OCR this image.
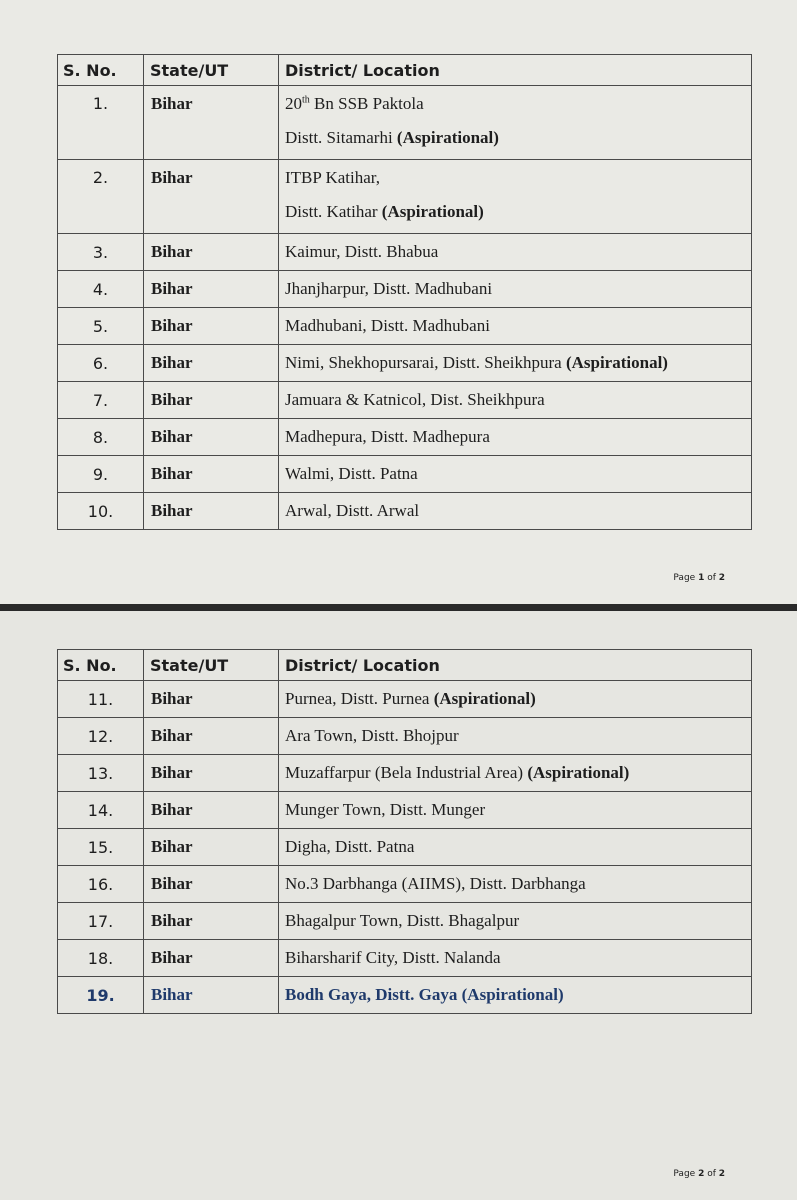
S. No.	State/UT	District/ Location
1.	Bihar	20th Bn SSB Paktola
Distt. Sitamarhi (Aspirational)

2.	Bihar	ITBP Katihar,
Distt. Katihar (Aspirational)

3.	Bihar	Kaimur, Distt. Bhabua
4.	Bihar	Jhanjharpur, Distt. Madhubani
5.	Bihar	Madhubani, Distt. Madhubani
6.	Bihar	Nimi, Shekhopursarai, Distt. Sheikhpura (Aspirational)
7.	Bihar	Jamuara & Katnicol, Dist. Sheikhpura
8.	Bihar	Madhepura, Distt. Madhepura
9.	Bihar	Walmi, Distt. Patna
10.	Bihar	Arwal, Distt. Arwal
Page 1 of 2
S. No.	State/UT	District/ Location
11.	Bihar	Purnea, Distt. Purnea (Aspirational)
12.	Bihar	Ara Town, Distt. Bhojpur
13.	Bihar	Muzaffarpur (Bela Industrial Area) (Aspirational)
14.	Bihar	Munger Town, Distt. Munger
15.	Bihar	Digha, Distt. Patna
16.	Bihar	No.3 Darbhanga (AIIMS), Distt. Darbhanga
17.	Bihar	Bhagalpur Town, Distt. Bhagalpur
18.	Bihar	Biharsharif City, Distt. Nalanda
19.	Bihar	Bodh Gaya, Distt. Gaya (Aspirational)
Page 2 of 2
